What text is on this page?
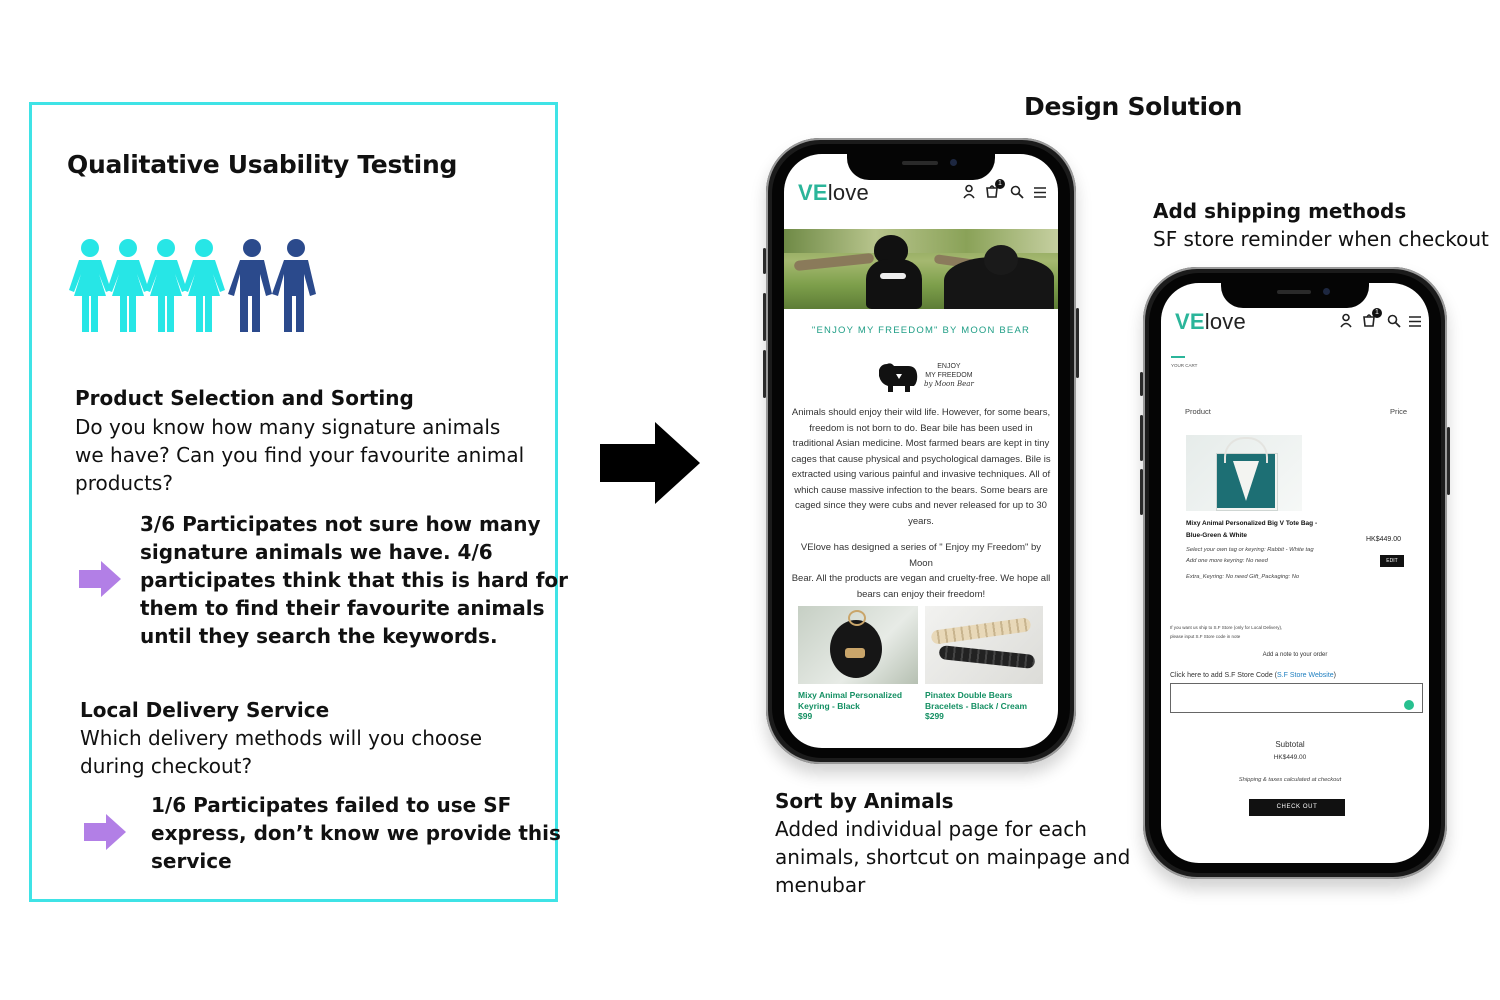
Qualitative Usability Testing
Product Selection and Sorting
Do you know how many signature animals
we have? Can you find your favourite animal
products?
3/6 Participates not sure how many
signature animals we have. 4/6
participates think that this is hard for
them to find their favourite animals
until they search the keywords.
Local Delivery Service
Which delivery methods will you choose
during checkout?
1/6 Participates failed to use SF
express, don’t know we provide this
service
Design Solution
VElove	1
"ENJOY MY FREEDOM" BY MOON BEAR
ENJOY
MY FREEDOM
by Moon Bear
Animals should enjoy their wild life. However, for some bears,
freedom is not born to do. Bear bile has been used in
traditional Asian medicine. Most farmed bears are kept in tiny
cages that cause physical and psychological damages. Bile is
extracted using various painful and invasive techniques. All of
which cause massive infection to the bears. Some bears are
caged since they were cubs and never released for up to 30
years.
VElove has designed a series of " Enjoy my Freedom" by Moon
Bear. All the products are vegan and cruelty-free. We hope all
bears can enjoy their freedom!
Mixy Animal Personalized
Keyring - Black
$99
Pinatex Double Bears
Bracelets - Black / Cream
$299
Sort by Animals
Added individual page for each
animals, shortcut on mainpage and
menubar
Add shipping methods
SF store reminder when checkout
VElove	1
YOUR CART
Product	Price
Mixy Animal Personalized Big V Tote Bag -
Blue-Green & White
HK$449.00
Select your own tag or keyring: Rabbit - White tag
Add one more keyring: No need	EDIT
Extra_Keyring: No need Gift_Packaging: No
If you want us ship to S.F Store (only for Local Delivery),
please input S.F Store code in note
Add a note to your order
Click here to add S.F Store Code (S.F Store Website)
Subtotal
HK$449.00
Shipping & taxes calculated at checkout
CHECK OUT
